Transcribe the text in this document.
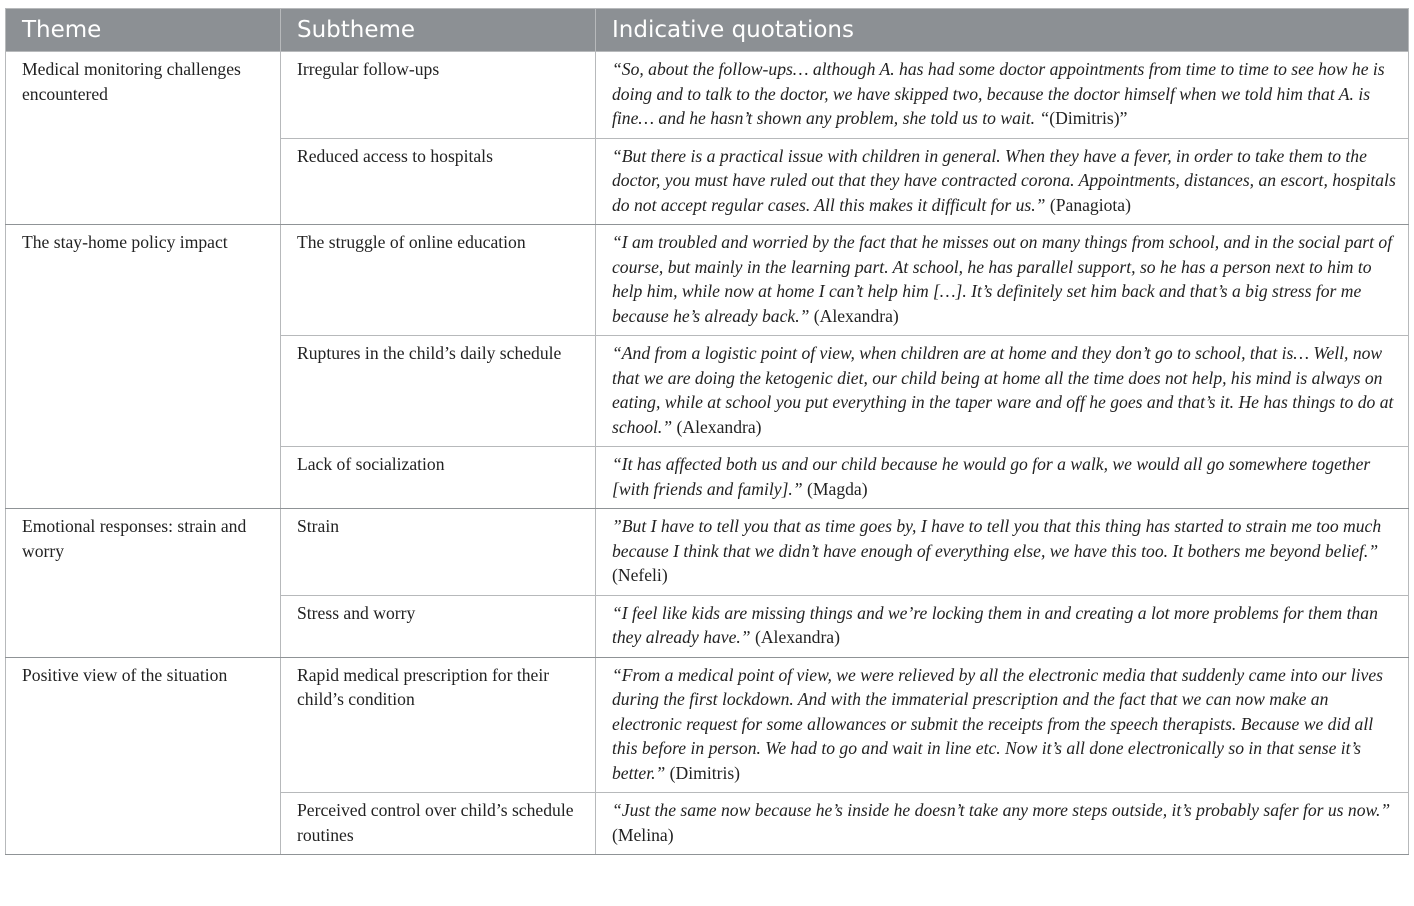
Theme	Subtheme	Indicative quotations
Medical monitoring challenges encountered	Irregular follow-ups	“So, about the follow-ups… although A. has had some doctor appointments from time to time to see how he is doing and to talk to the doctor, we have skipped two, because the doctor himself when we told him that A. is fine… and he hasn’t shown any problem, she told us to wait. “(Dimitris)”
	Reduced access to hospitals	“But there is a practical issue with children in general. When they have a fever, in order to take them to the doctor, you must have ruled out that they have contracted corona. Appointments, distances, an escort, hospitals do not accept regular cases. All this makes it difficult for us.” (Panagiota)
The stay-home policy impact	The struggle of online education	“I am troubled and worried by the fact that he misses out on many things from school, and in the social part of course, but mainly in the learning part. At school, he has parallel support, so he has a person next to him to help him, while now at home I can’t help him […]. It’s definitely set him back and that’s a big stress for me because he’s already back.” (Alexandra)
	Ruptures in the child’s daily schedule	“And from a logistic point of view, when children are at home and they don’t go to school, that is… Well, now that we are doing the ketogenic diet, our child being at home all the time does not help, his mind is always on eating, while at school you put everything in the taper ware and off he goes and that’s it. He has things to do at school.” (Alexandra)
	Lack of socialization	“It has affected both us and our child because he would go for a walk, we would all go somewhere together [with friends and family].” (Magda)
Emotional responses: strain and worry	Strain	”But I have to tell you that as time goes by, I have to tell you that this thing has started to strain me too much because I think that we didn’t have enough of everything else, we have this too. It bothers me beyond belief.” (Nefeli)
	Stress and worry	“I feel like kids are missing things and we’re locking them in and creating a lot more problems for them than they already have.” (Alexandra)
Positive view of the situation	Rapid medical prescription for their child’s condition	“From a medical point of view, we were relieved by all the electronic media that suddenly came into our lives during the first lockdown. And with the immaterial prescription and the fact that we can now make an electronic request for some allowances or submit the receipts from the speech therapists. Because we did all this before in person. We had to go and wait in line etc. Now it’s all done electronically so in that sense it’s better.” (Dimitris)
	Perceived control over child’s schedule routines	“Just the same now because he’s inside he doesn’t take any more steps outside, it’s probably safer for us now.” (Melina)
